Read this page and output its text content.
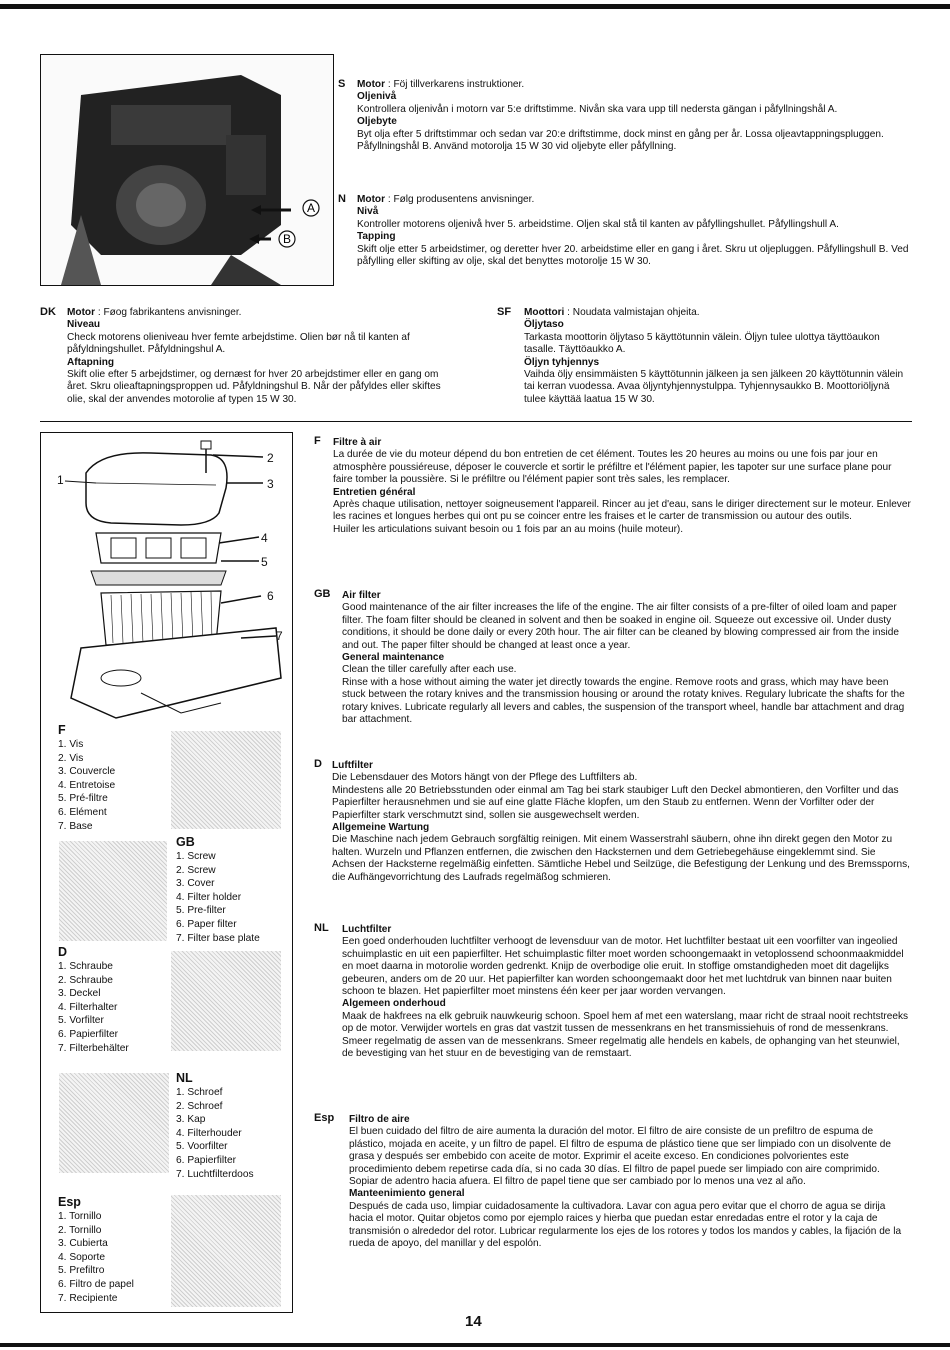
A
B
S Motor : Föj tillverkarens instruktioner.
Oljenivå
Kontrollera oljenivån i motorn var 5:e driftstimme. Nivån ska vara upp till nedersta gängan i påfyllningshål A.
Oljebyte
Byt olja efter 5 driftstimmar och sedan var 20:e driftstimme, dock minst en gång per år. Lossa oljeavtappningspluggen. Påfyllningshål B. Använd motorolja 15 W 30 vid oljebyte eller påfyllning.
N Motor : Følg produsentens anvisninger.
Nivå
Kontroller motorens oljenivå hver 5. arbeidstime. Oljen skal stå til kanten av påfyllingshullet. Påfyllingshull A.
Tapping
Skift olje etter 5 arbeidstimer, og deretter hver 20. arbeidstime eller en gang i året. Skru ut oljepluggen. Påfyllingshull B. Ved påfylling eller skifting av olje, skal det benyttes motorolje 15 W 30.
DK Motor : Føog fabrikantens anvisninger.
Niveau
Check motorens olieniveau hver femte arbejdstime. Olien bør nå til kanten af påfyldningshullet. Påfyldningshul A.
Aftapning
Skift olie efter 5 arbejdstimer, og dernæst for hver 20 arbejdstimer eller en gang om året. Skru olieaftapningsproppen ud. Påfyldningshul B. Når der påfyldes eller skiftes olie, skal der anvendes motorolie af typen 15 W 30.
SF Moottori : Noudata valmistajan ohjeita.
Öljytaso
Tarkasta moottorin öljytaso 5 käyttötunnin välein. Öljyn tulee ulottya täyttöaukon tasalle. Täyttöaukko A.
Öljyn tyhjennys
Vaihda öljy ensimmäisten 5 käyttötunnin jälkeen ja sen jälkeen 20 käyttötunnin välein tai kerran vuodessa. Avaa öljyntyhjennystulppa. Tyhjennysaukko B. Moottoriöljynä tulee käyttää laatua 15 W 30.
1
2
3
4
5
6
7
F
1. Vis
2. Vis
3. Couvercle
4. Entretoise
5. Pré-filtre
6. Elément
7. Base
GB
1. Screw
2. Screw
3. Cover
4. Filter holder
5. Pre-filter
6. Paper filter
7. Filter base plate
D
1. Schraube
2. Schraube
3. Deckel
4. Filterhalter
5. Vorfilter
6. Papierfilter
7. Filterbehälter
NL
1. Schroef
2. Schroef
3. Kap
4. Filterhouder
5. Voorfilter
6. Papierfilter
7. Luchtfilterdoos
Esp
1. Tornillo
2. Tornillo
3. Cubierta
4. Soporte
5. Prefiltro
6. Filtro de papel
7. Recipiente
F Filtre à air
La durée de vie du moteur dépend du bon entretien de cet élément. Toutes les 20 heures au moins ou une fois par jour en atmosphère poussiéreuse, déposer le couvercle et sortir le préfiltre et l'élément papier, les tapoter sur une surface plane pour faire tomber la poussière. Si le préfiltre ou l'élément papier sont très sales, les remplacer.
Entretien général
Après chaque utilisation, nettoyer soigneusement l'appareil. Rincer au jet d'eau, sans le diriger directement sur le moteur. Enlever les racines et longues herbes qui ont pu se coincer entre les fraises et le carter de transmission ou autour des outils.
Huiler les articulations suivant besoin ou 1 fois par an au moins (huile moteur).
GB Air filter
Good maintenance of the air filter increases the life of the engine. The air filter consists of a pre-filter of oiled loam and paper filter. The foam filter should be cleaned in solvent and then be soaked in engine oil. Squeeze out excessive oil. Under dusty conditions, it should be done daily or every 20th hour. The air filter can be cleaned by blowing compressed air from the inside and out. The paper filter should be changed at least once a year.
General maintenance
Clean the tiller carefully after each use.
Rinse with a hose without aiming the water jet directly towards the engine. Remove roots and grass, which may have been stuck between the rotary knives and the transmission housing or around the rotaty knives. Regulary lubricate the shafts for the rotary knives. Lubricate regularly all levers and cables, the suspension of the transport wheel, handle bar attachment and drag bar attachment.
D Luftfilter
Die Lebensdauer des Motors hängt von der Pflege des Luftfilters ab.
Mindestens alle 20 Betriebsstunden oder einmal am Tag bei stark staubiger Luft den Deckel abmontieren, den Vorfilter und das Papierfilter herausnehmen und sie auf eine glatte Fläche klopfen, um den Staub zu entfernen. Wenn der Vorfilter oder der Papierfilter stark verschmutzt sind, sollen sie ausgewechselt werden.
Allgemeine Wartung
Die Maschine nach jedem Gebrauch sorgfältig reinigen. Mit einem Wasserstrahl säubern, ohne ihn direkt gegen den Motor zu halten. Wurzeln und Pflanzen entfernen, die zwischen den Hacksternen und dem Getriebegehäuse eingeklemmt sind. Sie Achsen der Hacksterne regelmäßig einfetten. Sämtliche Hebel und Seilzüge, die Befestigung der Lenkung und des Bremssporns, die Aufhängevorrichtung des Laufrads regelmäßog schmieren.
NL Luchtfilter
Een goed onderhouden luchtfilter verhoogt de levensduur van de motor. Het luchtfilter bestaat uit een voorfilter van ingeolied schuimplastic en uit een papierfilter. Het schuimplastic filter moet worden schoongemaakt in vetoplossend schoonmaakmiddel en moet daarna in motorolie worden gedrenkt. Knijp de overbodige olie eruit. In stoffige omstandigheden moet dit dagelijks gebeuren, anders om de 20 uur. Het papierfilter kan worden schoongemaakt door het met luchtdruk van binnen naar buiten schoon te blazen. Het papierfilter moet minstens één keer per jaar worden vervangen.
Algemeen onderhoud
Maak de hakfrees na elk gebruik nauwkeurig schoon. Spoel hem af met een waterslang, maar richt de straal nooit rechtstreeks op de motor. Verwijder wortels en gras dat vastzit tussen de messenkrans en het transmissiehuis of rond de messenkrans. Smeer regelmatig de assen van de messenkrans. Smeer regelmatig alle hendels en kabels, de ophanging van het steunwiel, de bevestiging van het stuur en de bevestiging van de remstaart.
Esp Filtro de aire
El buen cuidado del filtro de aire aumenta la duración del motor. El filtro de aire consiste de un prefiltro de espuma de plástico, mojada en aceite, y un filtro de papel. El filtro de espuma de plástico tiene que ser limpiado con un disolvente de grasa y después ser embebido con aceite de motor. Exprimir el aceite exceso. En condiciones polvorientes este procedimiento debem repetirse cada día, si no cada 30 días. El filtro de papel puede ser limpiado con aire comprimido. Sopiar de adentro hacia afuera. El filtro de papel tiene que ser cambiado por lo menos una vez al año.
Manteenimiento general
Después de cada uso, limpiar cuidadosamente la cultivadora. Lavar con agua pero evitar que el chorro de agua se dirija hacia el motor. Quitar objetos como por ejemplo raices y hierba que puedan estar enredadas entre el rotor y la caja de transmisión o alrededor del rotor. Lubricar regularmente los ejes de los rotores y todos los mandos y cables, la fijación de la rueda de apoyo, del manillar y del espolón.
14
